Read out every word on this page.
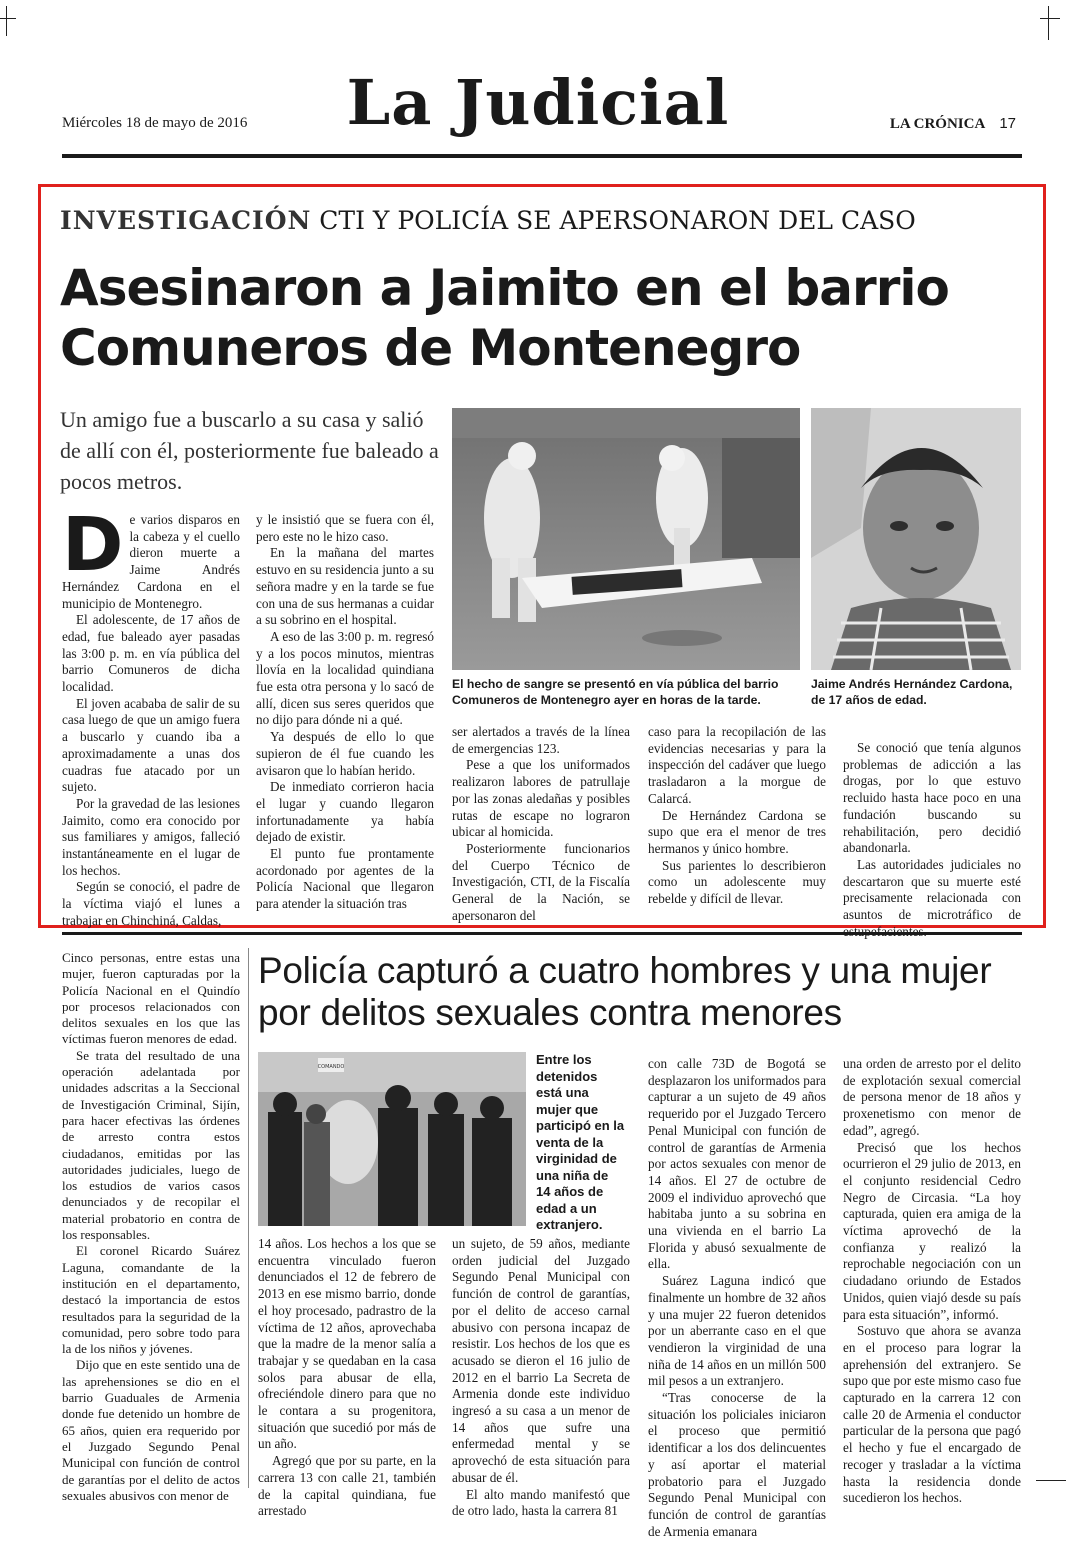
Miércoles 18 de mayo de 2016	La Judicial	LA CRÓNICA 17
INVESTIGACIÓN CTI Y POLICÍA SE APERSONARON DEL CASO
Asesinaron a Jaimito en el barrio Comuneros de Montenegro
Un amigo fue a buscarlo a su casa y salió de allí con él, posteriormente fue baleado a pocos metros.

De varios disparos en la cabeza y el cuello dieron muerte a Jaime Andrés Hernández Cardona en el municipio de Montenegro.

El adolescente, de 17 años de edad, fue baleado ayer pasadas las 3:00 p. m. en vía pública del barrio Comuneros de dicha localidad.

El joven acababa de salir de su casa luego de que un amigo fuera a buscarlo y cuando iba a aproximadamente a unas dos cuadras fue atacado por un sujeto.

Por la gravedad de las lesiones Jaimito, como era conocido por sus familiares y amigos, falleció instantáneamente en el lugar de los hechos.

Según se conoció, el padre de la víctima viajó el lunes a trabajar en Chinchiná, Caldas,

y le insistió que se fuera con él, pero este no le hizo caso.

En la mañana del martes estuvo en su residencia junto a su señora madre y en la tarde se fue con una de sus hermanas a cuidar a su sobrino en el hospital.

A eso de las 3:00 p. m. regresó y a los pocos minutos, mientras llovía en la localidad quindiana fue esta otra persona y lo sacó de allí, dicen sus seres queridos que no dijo para dónde ni a qué.

Ya después de ello lo que supieron de él fue cuando les avisaron que lo habían herido.

De inmediato corrieron hacia el lugar y cuando llegaron infortunadamente ya había dejado de existir.

El punto fue prontamente acordonado por agentes de la Policía Nacional que llegaron para atender la situación tras

El hecho de sangre se presentó en vía pública del barrio Comuneros de Montenegro ayer en horas de la tarde.
Jaime Andrés Hernández Cardona, de 17 años de edad.

ser alertados a través de la línea de emergencias 123.

Pese a que los uniformados realizaron labores de patrullaje por las zonas aledañas y posibles rutas de escape no lograron ubicar al homicida.

Posteriormente funcionarios del Cuerpo Técnico de Investigación, CTI, de la Fiscalía General de la Nación, se apersonaron del

caso para la recopilación de las evidencias necesarias y para la inspección del cadáver que luego trasladaron a la morgue de Calarcá.

De Hernández Cardona se supo que era el menor de tres hermanos y único hombre.

Sus parientes lo describieron como un adolescente muy rebelde y difícil de llevar.

Se conoció que tenía algunos problemas de adicción a las drogas, por lo que estuvo recluido hasta hace poco en una fundación buscando su rehabilitación, pero decidió abandonarla.

Las autoridades judiciales no descartaron que su muerte esté precisamente relacionada con asuntos de microtráfico de

Cinco personas, entre estas una mujer, fueron capturadas por la Policía Nacional en el Quindío por procesos relacionados con delitos sexuales en los que las víctimas fueron menores de edad.

Se trata del resultado de una operación adelantada por unidades adscritas a la Seccional de Investigación Criminal, Sijín, para hacer efectivas las órdenes de arresto contra estos ciudadanos, emitidas por las autoridades judiciales, luego de los estudios de varios casos denunciados y de recopilar el material probatorio en contra de los responsables.

El coronel Ricardo Suárez Laguna, comandante de la institución en el departamento, destacó la importancia de estos resultados para la seguridad de la comunidad, pero sobre todo para la de los niños y jóvenes.

Dijo que en este sentido una de las aprehensiones se dio en el barrio Guaduales de Armenia donde fue detenido un hombre de 65 años, quien era requerido por el Juzgado Segundo Penal Municipal con función de control de garantías por el delito de actos sexuales abusivos con menor de

Policía capturó a cuatro hombres y una mujer por delitos sexuales contra menores
COMANDO	Entre los detenidos está una mujer que participó en la venta de la virginidad de una niña de 14 años de edad a un extranjero.

14 años. Los hechos a los que se encuentra vinculado fueron denunciados el 12 de febrero de 2013 en ese mismo barrio, donde el hoy procesado, padrastro de la víctima de 12 años, aprovechaba que la madre de la menor salía a trabajar y se quedaban en la casa solos para abusar de ella, ofreciéndole dinero para que no le contara a su progenitora, situación que sucedió por más de un año.

Agregó que por su parte, en la carrera 13 con calle 21, también de la capital quindiana, fue arrestado

un sujeto, de 59 años, mediante orden judicial del Juzgado Segundo Penal Municipal con función de control de garantías, por el delito de acceso carnal abusivo con persona incapaz de resistir. Los hechos de los que es acusado se dieron el 16 julio de 2012 en el barrio La Secreta de Armenia donde este individuo ingresó a su casa a un menor de 14 años que sufre una enfermedad mental y se aprovechó de esta situación para abusar de él.

El alto mando manifestó que de otro lado, hasta la carrera 81

con calle 73D de Bogotá se desplazaron los uniformados para capturar a un sujeto de 49 años requerido por el Juzgado Tercero Penal Municipal con función de control de garantías de Armenia por actos sexuales con menor de 14 años. El 27 de octubre de 2009 el individuo aprovechó que habitaba junto a su sobrina en una vivienda en el barrio La Florida y abusó sexualmente de ella.

Suárez Laguna indicó que finalmente un hombre de 32 años y una mujer 22 fueron detenidos por un aberrante caso en el que vendieron la virginidad de una niña de 14 años en un millón 500 mil pesos a un extranjero.

“Tras conocerse de la situación los policiales iniciaron el proceso que permitió identificar a los dos delincuentes y así aportar el material probatorio para el Juzgado Segundo Penal Municipal con función de control de garantías de Armenia emanara

una orden de arresto por el delito de explotación sexual comercial de persona menor de 18 años y proxenetismo con menor de edad”, agregó.

Precisó que los hechos ocurrieron el 29 julio de 2013, en el conjunto residencial Cedro Negro de Circasia. “La hoy capturada, quien era amiga de la víctima aprovechó de la confianza y realizó la reprochable negociación con un ciudadano oriundo de Estados Unidos, quien viajó desde su país para esta situación”, informó.

Sostuvo que ahora se avanza en el proceso para lograr la aprehensión del extranjero. Se supo que por este mismo caso fue capturado en la carrera 12 con calle 20 de Armenia el conductor particular de la persona que pagó el hecho y fue el encargado de recoger y trasladar a la víctima hasta la residencia donde sucedieron los hechos.
